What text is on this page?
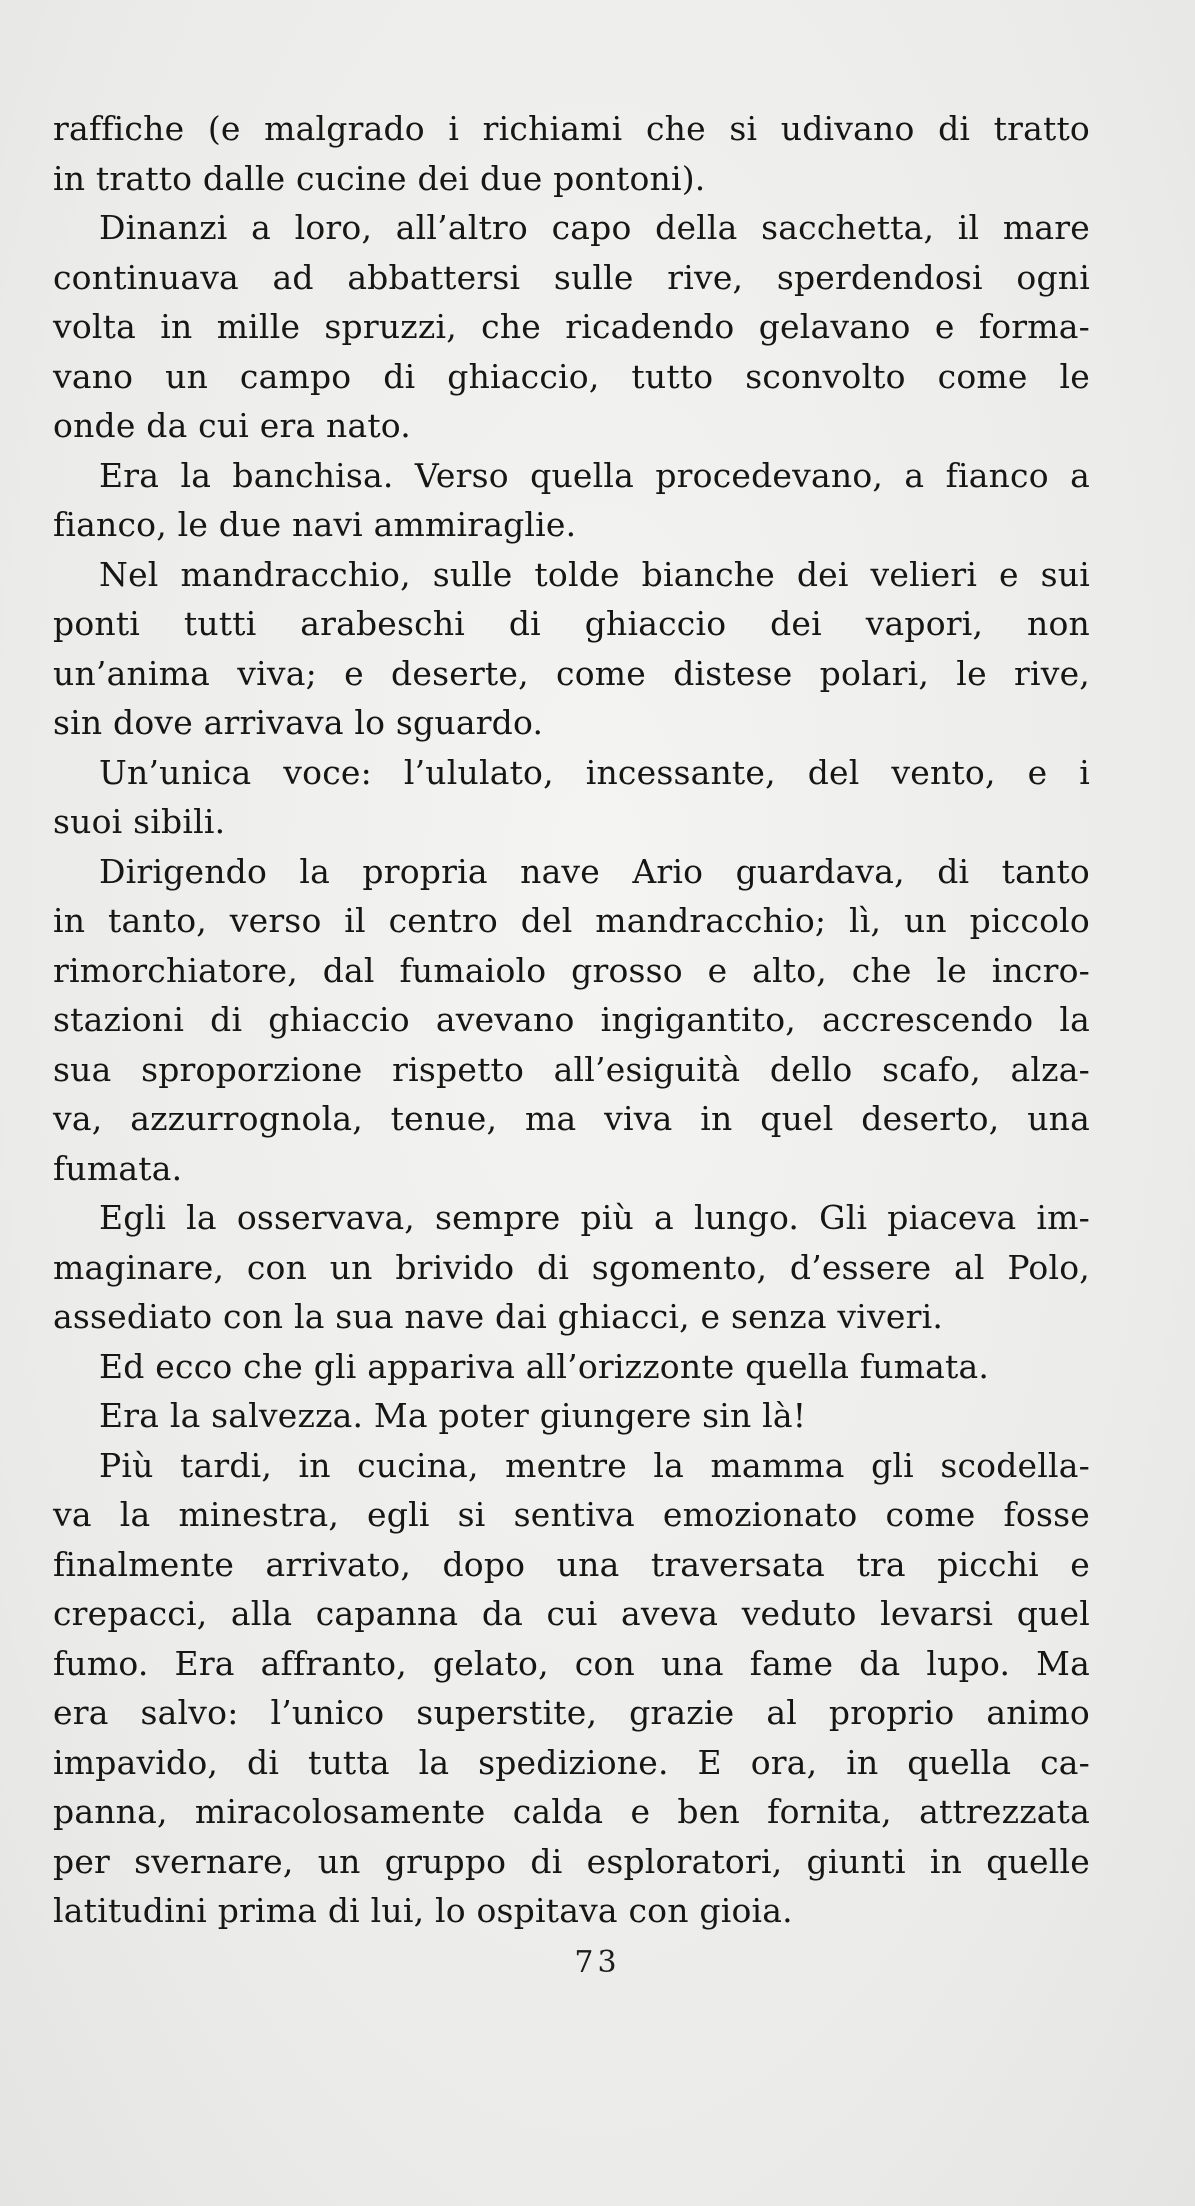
raffiche (e malgrado i richiami che si udivano di tratto
in tratto dalle cucine dei due pontoni).
Dinanzi a loro, all’altro capo della sacchetta, il mare
continuava ad abbattersi sulle rive, sperdendosi ogni
volta in mille spruzzi, che ricadendo gelavano e forma-
vano un campo di ghiaccio, tutto sconvolto come le
onde da cui era nato.
Era la banchisa. Verso quella procedevano, a fianco a
fianco, le due navi ammiraglie.
Nel mandracchio, sulle tolde bianche dei velieri e sui
ponti tutti arabeschi di ghiaccio dei vapori, non
un’anima viva; e deserte, come distese polari, le rive,
sin dove arrivava lo sguardo.
Un’unica voce: l’ululato, incessante, del vento, e i
suoi sibili.
Dirigendo la propria nave Ario guardava, di tanto
in tanto, verso il centro del mandracchio; lì, un piccolo
rimorchiatore, dal fumaiolo grosso e alto, che le incro-
stazioni di ghiaccio avevano ingigantito, accrescendo la
sua sproporzione rispetto all’esiguità dello scafo, alza-
va, azzurrognola, tenue, ma viva in quel deserto, una
fumata.
Egli la osservava, sempre più a lungo. Gli piaceva im-
maginare, con un brivido di sgomento, d’essere al Polo,
assediato con la sua nave dai ghiacci, e senza viveri.
Ed ecco che gli appariva all’orizzonte quella fumata.
Era la salvezza. Ma poter giungere sin là!
Più tardi, in cucina, mentre la mamma gli scodella-
va la minestra, egli si sentiva emozionato come fosse
finalmente arrivato, dopo una traversata tra picchi e
crepacci, alla capanna da cui aveva veduto levarsi quel
fumo. Era affranto, gelato, con una fame da lupo. Ma
era salvo: l’unico superstite, grazie al proprio animo
impavido, di tutta la spedizione. E ora, in quella ca-
panna, miracolosamente calda e ben fornita, attrezzata
per svernare, un gruppo di esploratori, giunti in quelle
latitudini prima di lui, lo ospitava con gioia.
73
